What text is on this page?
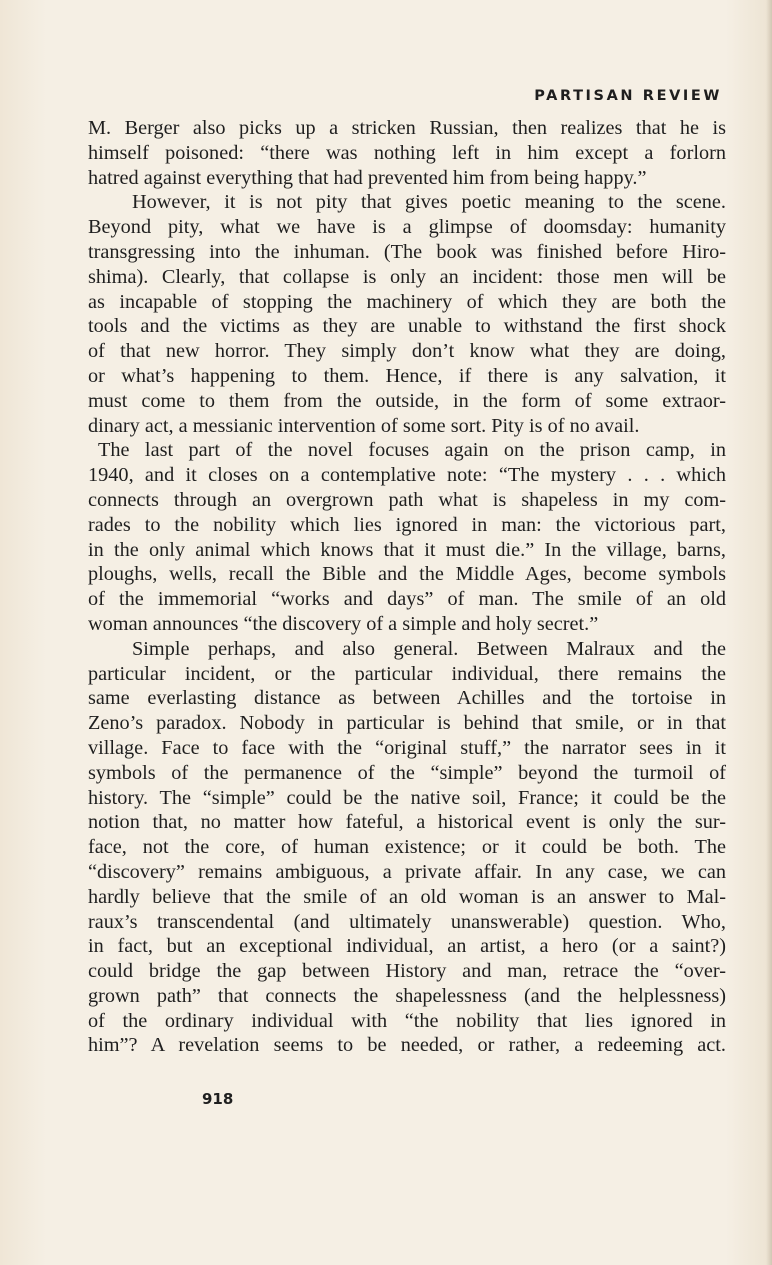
PARTISAN REVIEW
M. Berger also picks up a stricken Russian, then realizes that he is
himself poisoned: “there was nothing left in him except a forlorn
hatred against everything that had prevented him from being happy.”
However, it is not pity that gives poetic meaning to the scene.
Beyond pity, what we have is a glimpse of doomsday: humanity
transgressing into the inhuman. (The book was finished before Hiro-
shima). Clearly, that collapse is only an incident: those men will be
as incapable of stopping the machinery of which they are both the
tools and the victims as they are unable to withstand the first shock
of that new horror. They simply don’t know what they are doing,
or what’s happening to them. Hence, if there is any salvation, it
must come to them from the outside, in the form of some extraor-
dinary act, a messianic intervention of some sort. Pity is of no avail.
The last part of the novel focuses again on the prison camp, in
1940, and it closes on a contemplative note: “The mystery . . . which
connects through an overgrown path what is shapeless in my com-
rades to the nobility which lies ignored in man: the victorious part,
in the only animal which knows that it must die.” In the village, barns,
ploughs, wells, recall the Bible and the Middle Ages, become symbols
of the immemorial “works and days” of man. The smile of an old
woman announces “the discovery of a simple and holy secret.”
Simple perhaps, and also general. Between Malraux and the
particular incident, or the particular individual, there remains the
same everlasting distance as between Achilles and the tortoise in
Zeno’s paradox. Nobody in particular is behind that smile, or in that
village. Face to face with the “original stuff,” the narrator sees in it
symbols of the permanence of the “simple” beyond the turmoil of
history. The “simple” could be the native soil, France; it could be the
notion that, no matter how fateful, a historical event is only the sur-
face, not the core, of human existence; or it could be both. The
“discovery” remains ambiguous, a private affair. In any case, we can
hardly believe that the smile of an old woman is an answer to Mal-
raux’s transcendental (and ultimately unanswerable) question. Who,
in fact, but an exceptional individual, an artist, a hero (or a saint?)
could bridge the gap between History and man, retrace the “over-
grown path” that connects the shapelessness (and the helplessness)
of the ordinary individual with “the nobility that lies ignored in
him”? A revelation seems to be needed, or rather, a redeeming act.
918
